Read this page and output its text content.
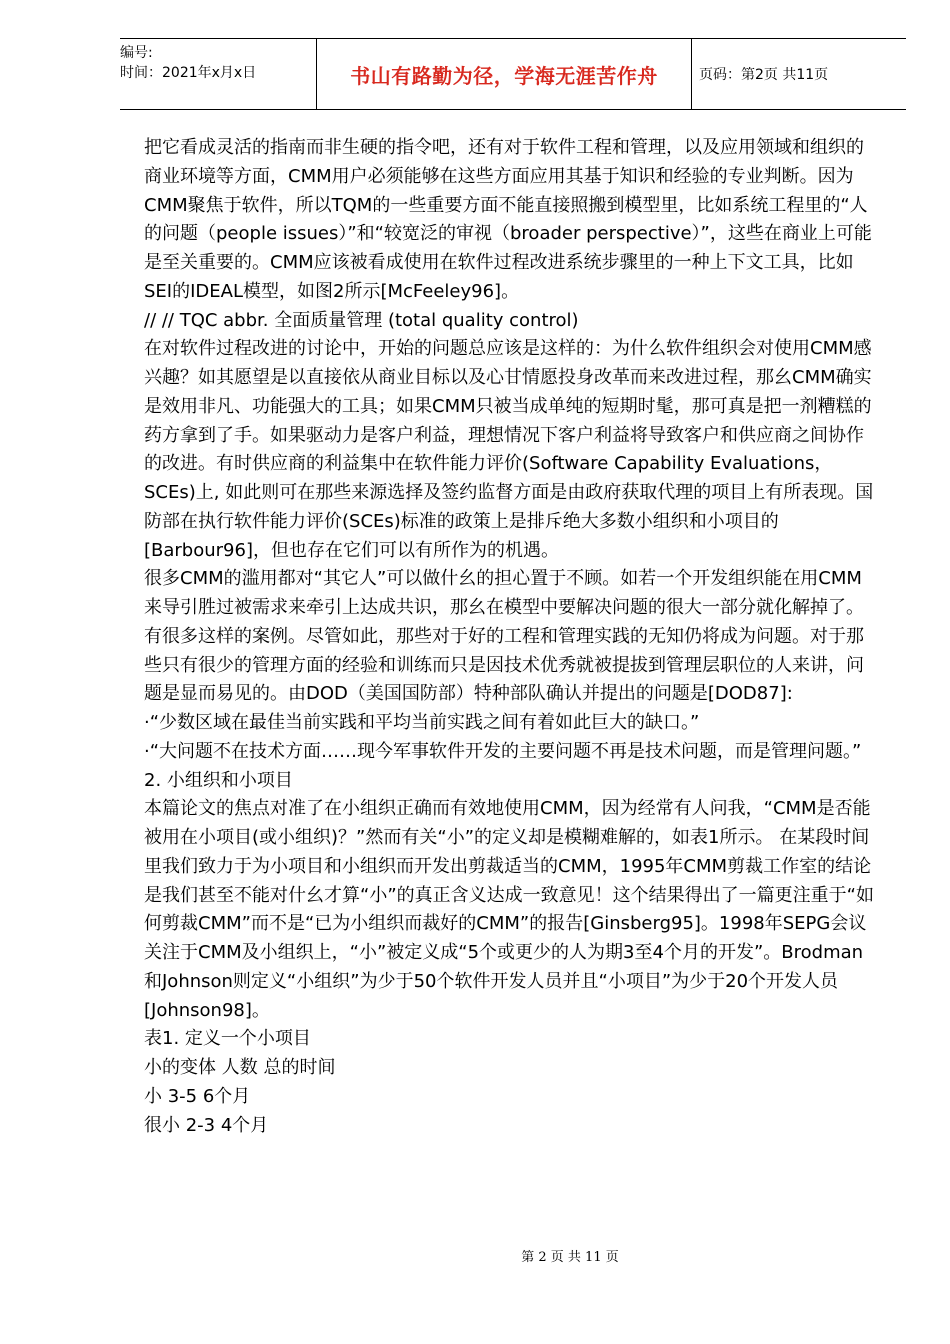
编号:
时间：2021年x月x日	书山有路勤为径，学海无涯苦作舟	页码：第2页 共11页

把它看成灵活的指南而非生硬的指令吧，还有对于软件工程和管理，以及应用领域和组织的商业环境等方面，CMM用户必须能够在这些方面应用其基于知识和经验的专业判断。因为CMM聚焦于软件，所以TQM的一些重要方面不能直接照搬到模型里，比如系统工程里的“人的问题（people issues）”和“较宽泛的审视（broader perspective）”，这些在商业上可能是至关重要的。CMM应该被看成使用在软件过程改进系统步骤里的一种上下文工具，比如SEI的IDEAL模型，如图2所示[McFeeley96]。

// // TQC abbr. 全面质量管理 (total quality control)

在对软件过程改进的讨论中，开始的问题总应该是这样的：为什么软件组织会对使用CMM感兴趣？如其愿望是以直接依从商业目标以及心甘情愿投身改革而来改进过程，那幺CMM确实是效用非凡、功能强大的工具；如果CMM只被当成单纯的短期时髦，那可真是把一剂糟糕的药方拿到了手。如果驱动力是客户利益，理想情况下客户利益将导致客户和供应商之间协作的改进。有时供应商的利益集中在软件能力评价(Software Capability Evaluations，SCEs)上, 如此则可在那些来源选择及签约监督方面是由政府获取代理的项目上有所表现。国防部在执行软件能力评价(SCEs)标准的政策上是排斥绝大多数小组织和小项目的[Barbour96]，但也存在它们可以有所作为的机遇。

很多CMM的滥用都对“其它人”可以做什幺的担心置于不顾。如若一个开发组织能在用CMM来导引胜过被需求来牵引上达成共识，那幺在模型中要解决问题的很大一部分就化解掉了。有很多这样的案例。尽管如此，那些对于好的工程和管理实践的无知仍将成为问题。对于那些只有很少的管理方面的经验和训练而只是因技术优秀就被提拔到管理层职位的人来讲，问题是显而易见的。由DOD（美国国防部）特种部队确认并提出的问题是[DOD87]:

·“少数区域在最佳当前实践和平均当前实践之间有着如此巨大的缺口。”

·“大问题不在技术方面……现今军事软件开发的主要问题不再是技术问题，而是管理问题。”

2. 小组织和小项目

本篇论文的焦点对准了在小组织正确而有效地使用CMM，因为经常有人问我，“CMM是否能被用在小项目(或小组织)？”然而有关“小”的定义却是模糊难解的，如表1所示。 在某段时间里我们致力于为小项目和小组织而开发出剪裁适当的CMM，1995年CMM剪裁工作室的结论是我们甚至不能对什幺才算“小”的真正含义达成一致意见！这个结果得出了一篇更注重于“如何剪裁CMM”而不是“已为小组织而裁好的CMM”的报告[Ginsberg95]。1998年SEPG会议关注于CMM及小组织上，“小”被定义成“5个或更少的人为期3至4个月的开发”。Brodman和Johnson则定义“小组织”为少于50个软件开发人员并且“小项目”为少于20个开发人员[Johnson98]。

表1. 定义一个小项目

小的变体 人数 总的时间

小 3-5 6个月

很小 2-3 4个月

第 2 页 共 11 页
